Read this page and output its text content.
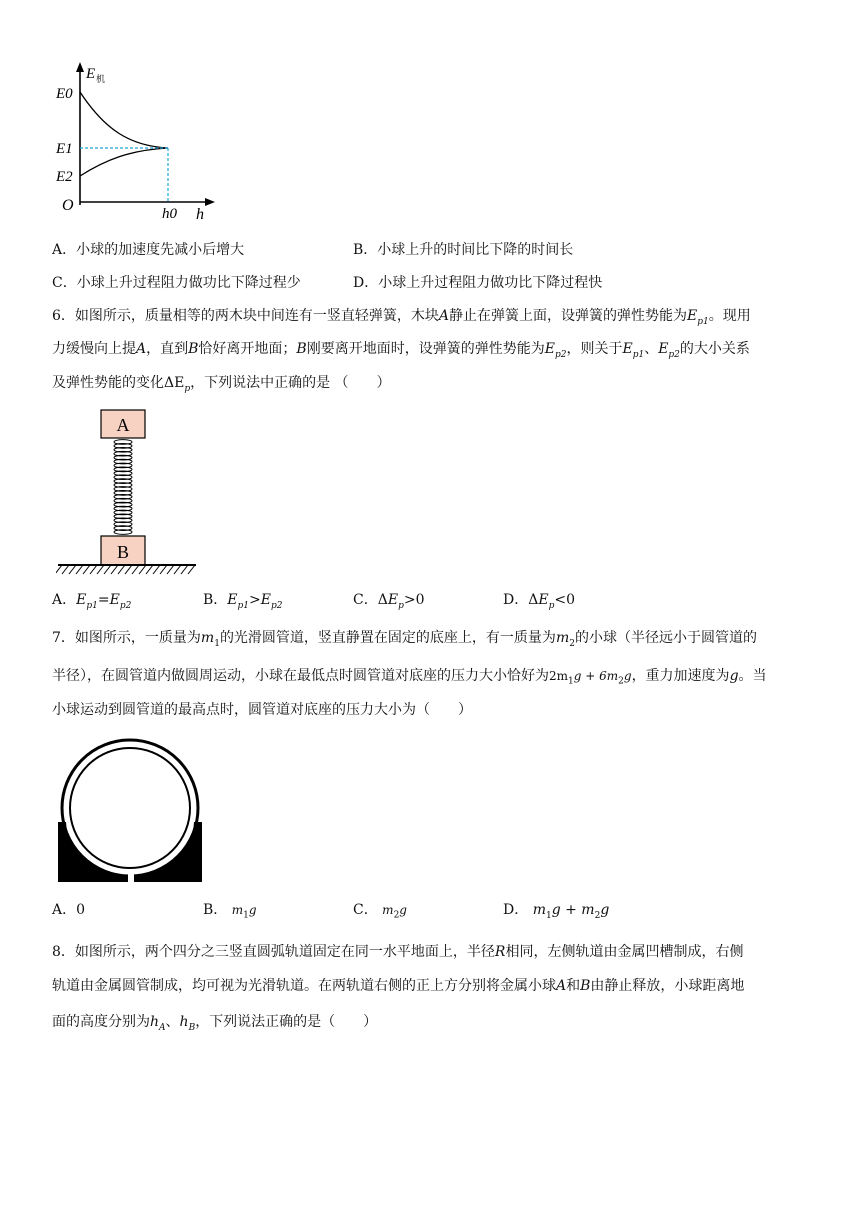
E 机
E0
E1
E2
O	h0 h
A．小球的加速度先减小后增大	B．小球上升的时间比下降的时间长
C．小球上升过程阻力做功比下降过程少	D．小球上升过程阻力做功比下降过程快
6．如图所示，质量相等的两木块中间连有一竖直轻弹簧，木块A静止在弹簧上面，设弹簧的弹性势能为$E_{p1}$。现用
力缓慢向上提A，直到B恰好离开地面；B刚要离开地面时，设弹簧的弹性势能为$E_{p2}$，则关于$E_{p1}$、$E_{p2}$的大小关系
及弹性势能的变化$\Delta E_p$，下列说法中正确的是 （　　）
A
B
A．$E_{p1}=E_{p2}$	B．$E_{p1}>E_{p2}$	C．$\Delta E_p>0$	D．$\Delta E_p<0$
7．如图所示，一质量为$m_1$的光滑圆管道，竖直静置在固定的底座上，有一质量为$m_2$的小球（半径远小于圆管道的
半径），在圆管道内做圆周运动，小球在最低点时圆管道对底座的压力大小恰好为$2m_1g + 6m_2g$，重力加速度为g。当
小球运动到圆管道的最高点时，圆管道对底座的压力大小为（　　）
A．0	B． $m_1g$	C． $m_2g$	D． $m_1g + m_2g$
8．如图所示，两个四分之三竖直圆弧轨道固定在同一水平地面上，半径R相同，左侧轨道由金属凹槽制成，右侧
轨道由金属圆管制成，均可视为光滑轨道。在两轨道右侧的正上方分别将金属小球A和B由静止释放，小球距离地
面的高度分别为$h_A$、$h_B$，下列说法正确的是（　　）
